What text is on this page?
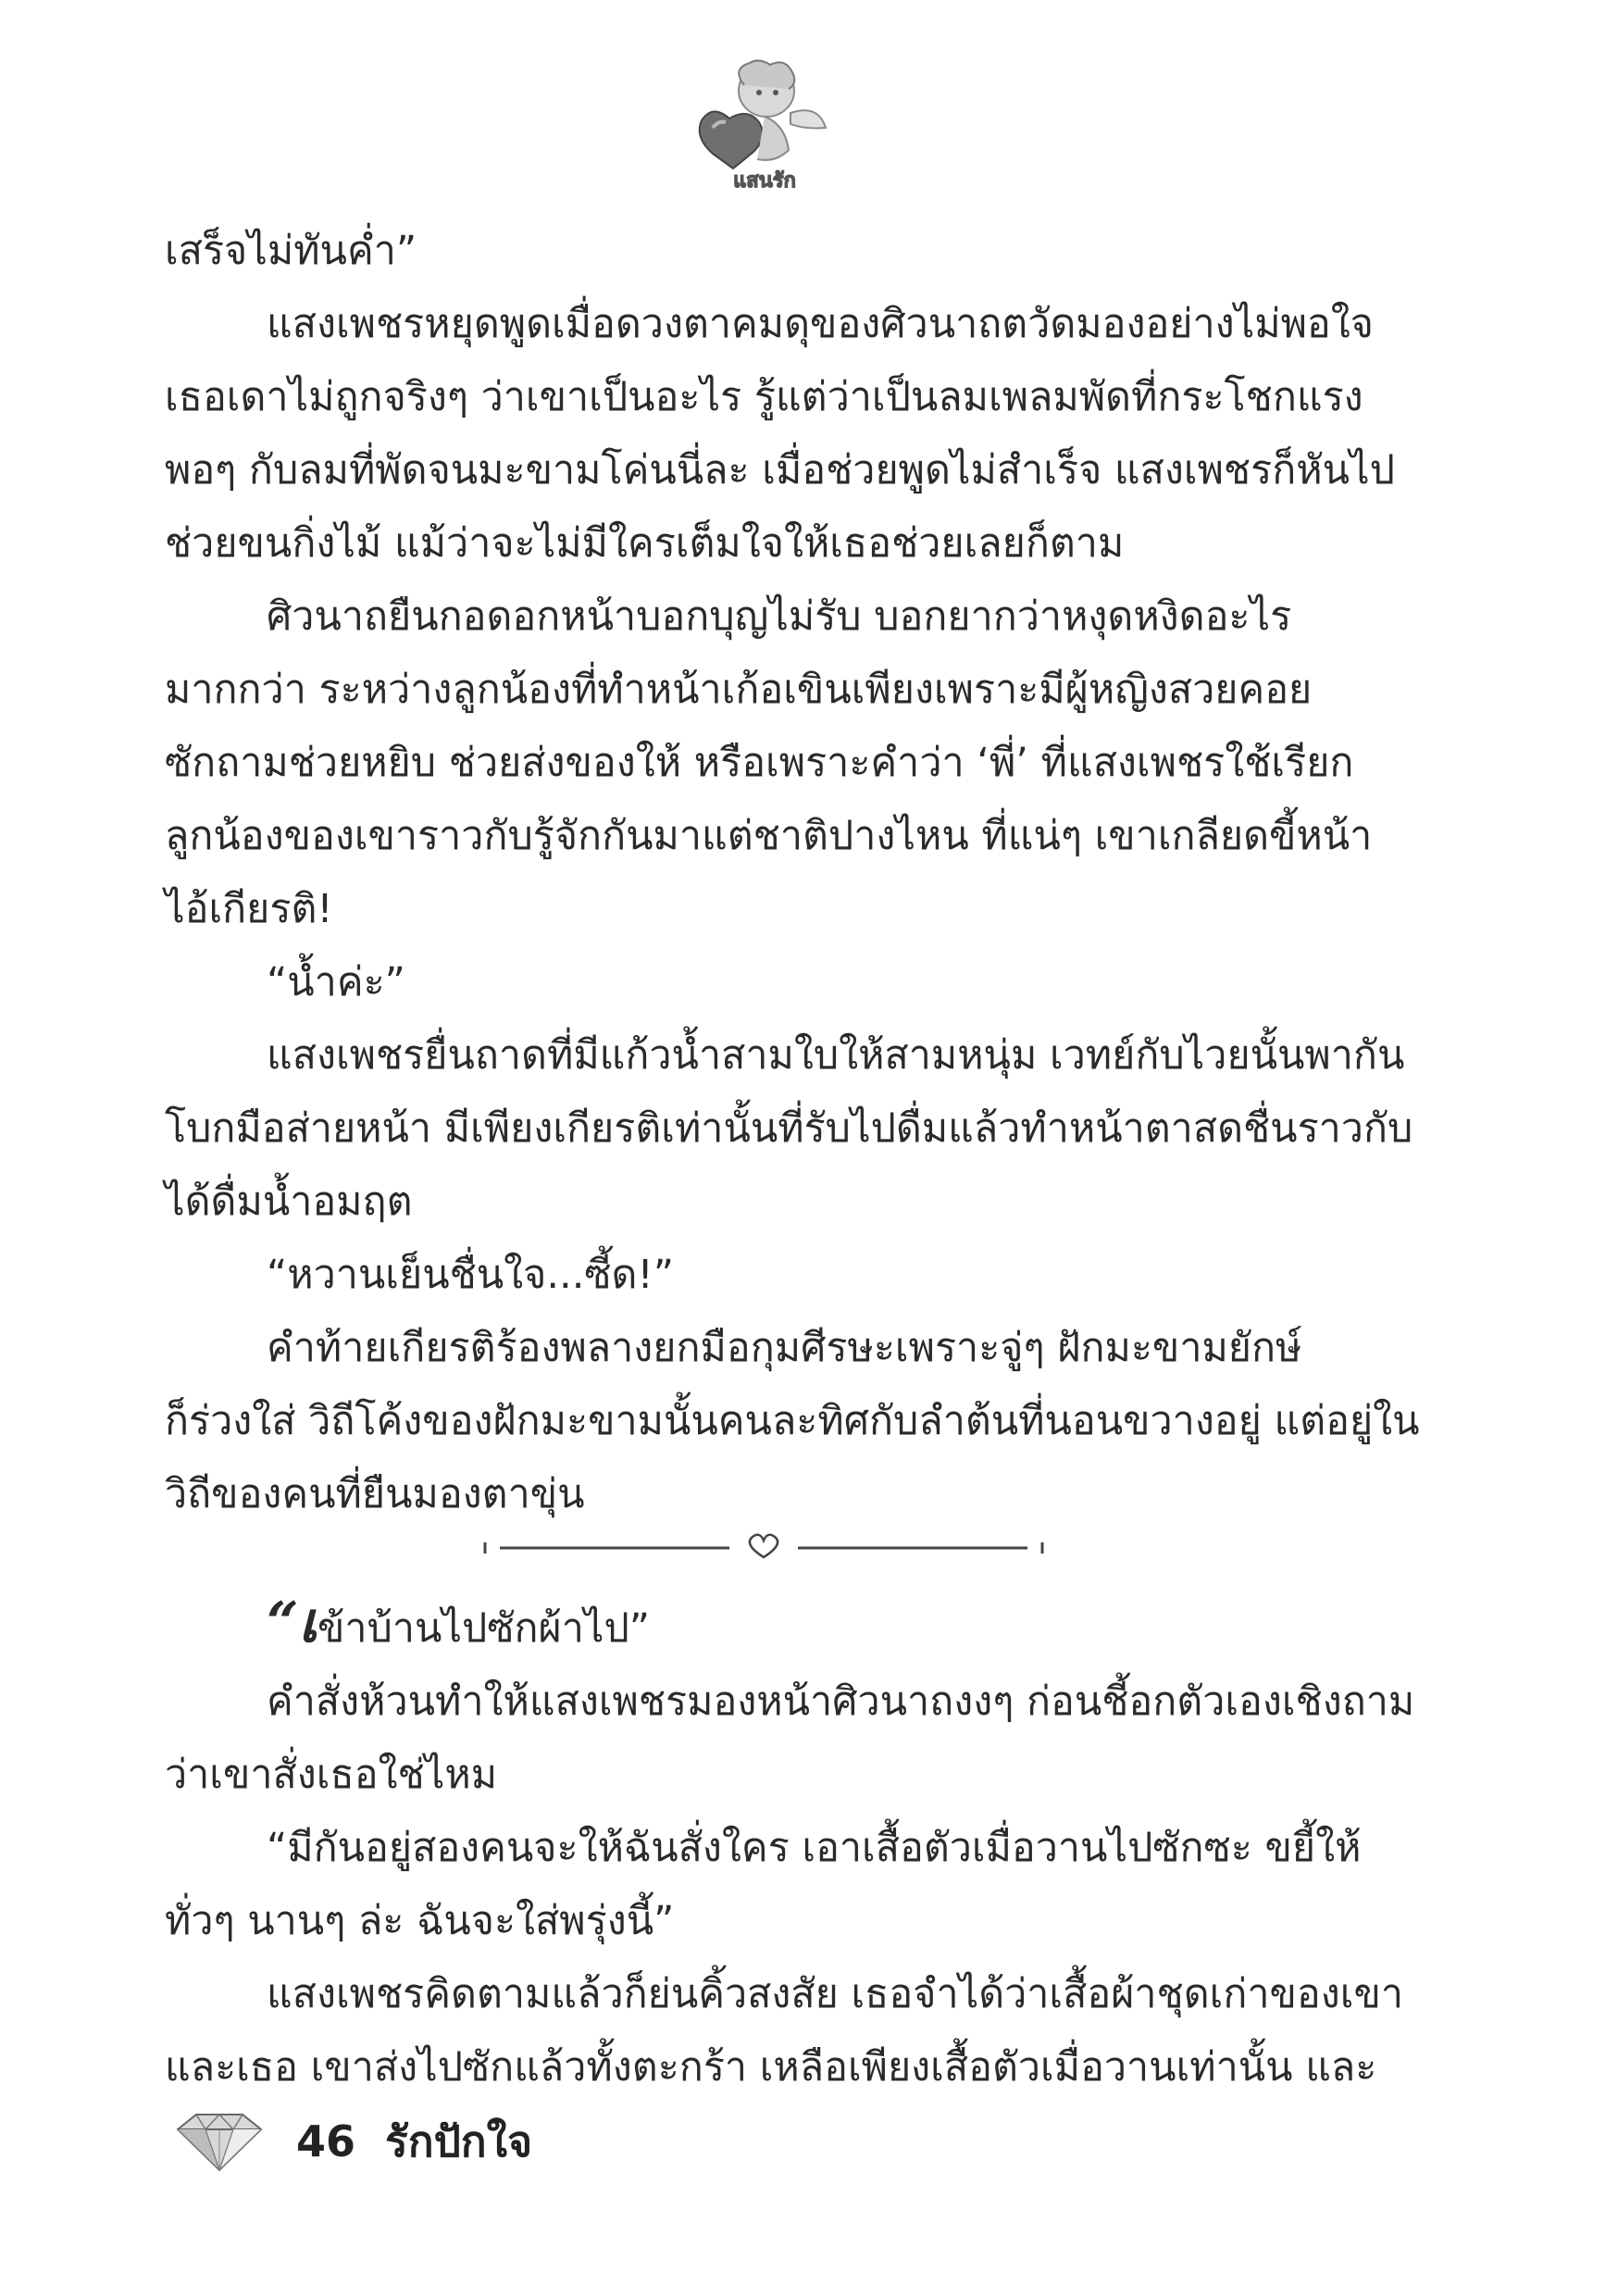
แสนรัก

เสร็จไม่ทันค่ำ”

แสงเพชรหยุดพูดเมื่อดวงตาคมดุของศิวนาถตวัดมองอย่างไม่พอใจ

เธอเดาไม่ถูกจริงๆ ว่าเขาเป็นอะไร รู้แต่ว่าเป็นลมเพลมพัดที่กระโชกแรง

พอๆ กับลมที่พัดจนมะขามโค่นนี่ละ เมื่อช่วยพูดไม่สำเร็จ แสงเพชรก็หันไป

ช่วยขนกิ่งไม้ แม้ว่าจะไม่มีใครเต็มใจให้เธอช่วยเลยก็ตาม

ศิวนาถยืนกอดอกหน้าบอกบุญไม่รับ บอกยากว่าหงุดหงิดอะไร

มากกว่า ระหว่างลูกน้องที่ทำหน้าเก้อเขินเพียงเพราะมีผู้หญิงสวยคอย

ซักถามช่วยหยิบ ช่วยส่งของให้ หรือเพราะคำว่า ‘พี่’ ที่แสงเพชรใช้เรียก

ลูกน้องของเขาราวกับรู้จักกันมาแต่ชาติปางไหน ที่แน่ๆ เขาเกลียดขี้หน้า

ไอ้เกียรติ!

“น้ำค่ะ”

แสงเพชรยื่นถาดที่มีแก้วน้ำสามใบให้สามหนุ่ม เวทย์กับไวยนั้นพากัน

โบกมือส่ายหน้า มีเพียงเกียรติเท่านั้นที่รับไปดื่มแล้วทำหน้าตาสดชื่นราวกับ

ได้ดื่มน้ำอมฤต

“หวานเย็นชื่นใจ...ซี้ด!”

คำท้ายเกียรติร้องพลางยกมือกุมศีรษะเพราะจู่ๆ ฝักมะขามยักษ์

ก็ร่วงใส่ วิถีโค้งของฝักมะขามนั้นคนละทิศกับลำต้นที่นอนขวางอยู่ แต่อยู่ใน

วิถีของคนที่ยืนมองตาขุ่น

“เข้าบ้านไปซักผ้าไป”

คำสั่งห้วนทำให้แสงเพชรมองหน้าศิวนาถงงๆ ก่อนชี้อกตัวเองเชิงถาม

ว่าเขาสั่งเธอใช่ไหม

“มีกันอยู่สองคนจะให้ฉันสั่งใคร เอาเสื้อตัวเมื่อวานไปซักซะ ขยี้ให้

ทั่วๆ นานๆ ล่ะ ฉันจะใส่พรุ่งนี้”

แสงเพชรคิดตามแล้วก็ย่นคิ้วสงสัย เธอจำได้ว่าเสื้อผ้าชุดเก่าของเขา

และเธอ เขาส่งไปซักแล้วทั้งตะกร้า เหลือเพียงเสื้อตัวเมื่อวานเท่านั้น และ

46 รักปักใจ
